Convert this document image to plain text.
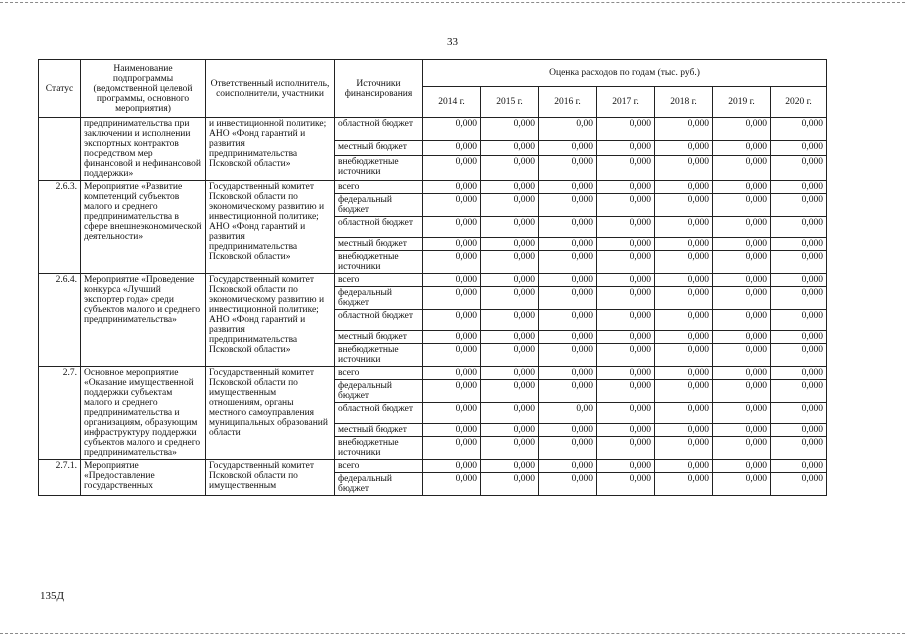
33
Статус	Наименование подпрограммы (ведомственной целевой программы, основного мероприятия)	Ответственный исполнитель, соисполнители, участники	Источники финансирования	Оценка расходов по годам (тыс. руб.)						
				2014 г.	2015 г.	2016 г.	2017 г.	2018 г.	2019 г.	2020 г.
	предпринимательства при заключении и исполнении экспортных контрактов посредством мер финансовой и нефинансовой поддержки»	и инвестиционной политике; АНО «Фонд гарантий и развития предпринимательства Псковской области»	областной бюджет	0,000	0,000	0,00	0,000	0,000	0,000	0,000
			местный бюджет	0,000	0,000	0,000	0,000	0,000	0,000	0,000
			внебюджетные источники	0,000	0,000	0,000	0,000	0,000	0,000	0,000
2.6.3.	Мероприятие «Развитие компетенций субъектов малого и среднего предпринимательства в сфере внешнеэкономической деятельности»	Государственный комитет Псковской области по экономическому развитию и инвестиционной политике; АНО «Фонд гарантий и развития предпринимательства Псковской области»	всего	0,000	0,000	0,000	0,000	0,000	0,000	0,000
			федеральный бюджет	0,000	0,000	0,000	0,000	0,000	0,000	0,000
			областной бюджет	0,000	0,000	0,000	0,000	0,000	0,000	0,000
			местный бюджет	0,000	0,000	0,000	0,000	0,000	0,000	0,000
			внебюджетные источники	0,000	0,000	0,000	0,000	0,000	0,000	0,000
2.6.4.	Мероприятие «Проведение конкурса «Лучший экспортер года» среди субъектов малого и среднего предпринимательства»	Государственный комитет Псковской области по экономическому развитию и инвестиционной политике; АНО «Фонд гарантий и развития предпринимательства Псковской области»	всего	0,000	0,000	0,000	0,000	0,000	0,000	0,000
			федеральный бюджет	0,000	0,000	0,000	0,000	0,000	0,000	0,000
			областной бюджет	0,000	0,000	0,000	0,000	0,000	0,000	0,000
			местный бюджет	0,000	0,000	0,000	0,000	0,000	0,000	0,000
			внебюджетные источники	0,000	0,000	0,000	0,000	0,000	0,000	0,000
2.7.	Основное мероприятие «Оказание имущественной поддержки субъектам малого и среднего предпринимательства и организациям, образующим инфраструктуру поддержки субъектов малого и среднего предпринимательства»	Государственный комитет Псковской области по имущественным отношениям, органы местного самоуправления муниципальных образований области	всего	0,000	0,000	0,000	0,000	0,000	0,000	0,000
			федеральный бюджет	0,000	0,000	0,000	0,000	0,000	0,000	0,000
			областной бюджет	0,000	0,000	0,00	0,000	0,000	0,000	0,000
			местный бюджет	0,000	0,000	0,000	0,000	0,000	0,000	0,000
			внебюджетные источники	0,000	0,000	0,000	0,000	0,000	0,000	0,000
2.7.1.	Мероприятие «Предоставление государственных	Государственный комитет Псковской области по имущественным	всего	0,000	0,000	0,000	0,000	0,000	0,000	0,000
			федеральный бюджет	0,000	0,000	0,000	0,000	0,000	0,000	0,000
135Д
